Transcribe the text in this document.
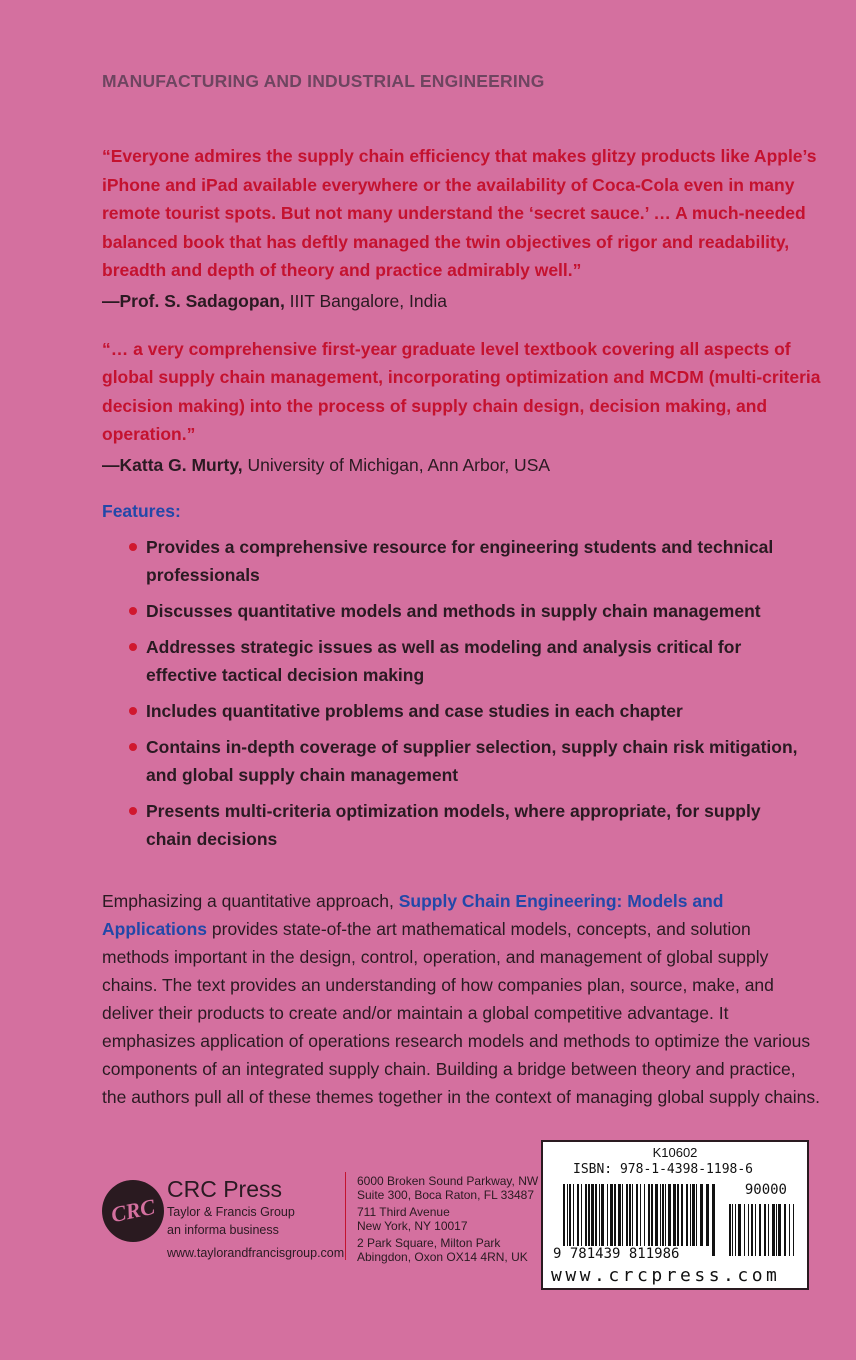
MANUFACTURING AND INDUSTRIAL ENGINEERING
“Everyone admires the supply chain efficiency that makes glitzy products like Apple’s iPhone and iPad available everywhere or the availability of Coca-Cola even in many remote tourist spots. But not many understand the ‘secret sauce.’ … A much-needed balanced book that has deftly managed the twin objectives of rigor and readability, breadth and depth of theory and practice admirably well.”
—Prof. S. Sadagopan, IIIT Bangalore, India
“… a very comprehensive first-year graduate level textbook covering all aspects of global supply chain management, incorporating optimization and MCDM (multi-criteria decision making) into the process of supply chain design, decision making, and operation.”
—Katta G. Murty, University of Michigan, Ann Arbor, USA
Features:
Provides a comprehensive resource for engineering students and technical professionals
Discusses quantitative models and methods in supply chain management
Addresses strategic issues as well as modeling and analysis critical for effective tactical decision making
Includes quantitative problems and case studies in each chapter
Contains in-depth coverage of supplier selection, supply chain risk mitigation, and global supply chain management
Presents multi-criteria optimization models, where appropriate, for supply chain decisions
Emphasizing a quantitative approach, Supply Chain Engineering: Models and Applications provides state-of-the art mathematical models, concepts, and solution methods important in the design, control, operation, and management of global supply chains. The text provides an understanding of how companies plan, source, make, and deliver their products to create and/or maintain a global competitive advantage. It emphasizes application of operations research models and methods to optimize the various components of an integrated supply chain. Building a bridge between theory and practice, the authors pull all of these themes together in the context of managing global supply chains.
CRC
CRC Press
Taylor & Francis Group
an informa business
www.taylorandfrancisgroup.com
6000 Broken Sound Parkway, NW
Suite 300, Boca Raton, FL 33487
711 Third Avenue
New York, NY 10017
2 Park Square, Milton Park
Abingdon, Oxon OX14 4RN, UK
K10602
ISBN: 978-1-4398-1198-6
90000
9 781439 811986
www.crcpress.com
